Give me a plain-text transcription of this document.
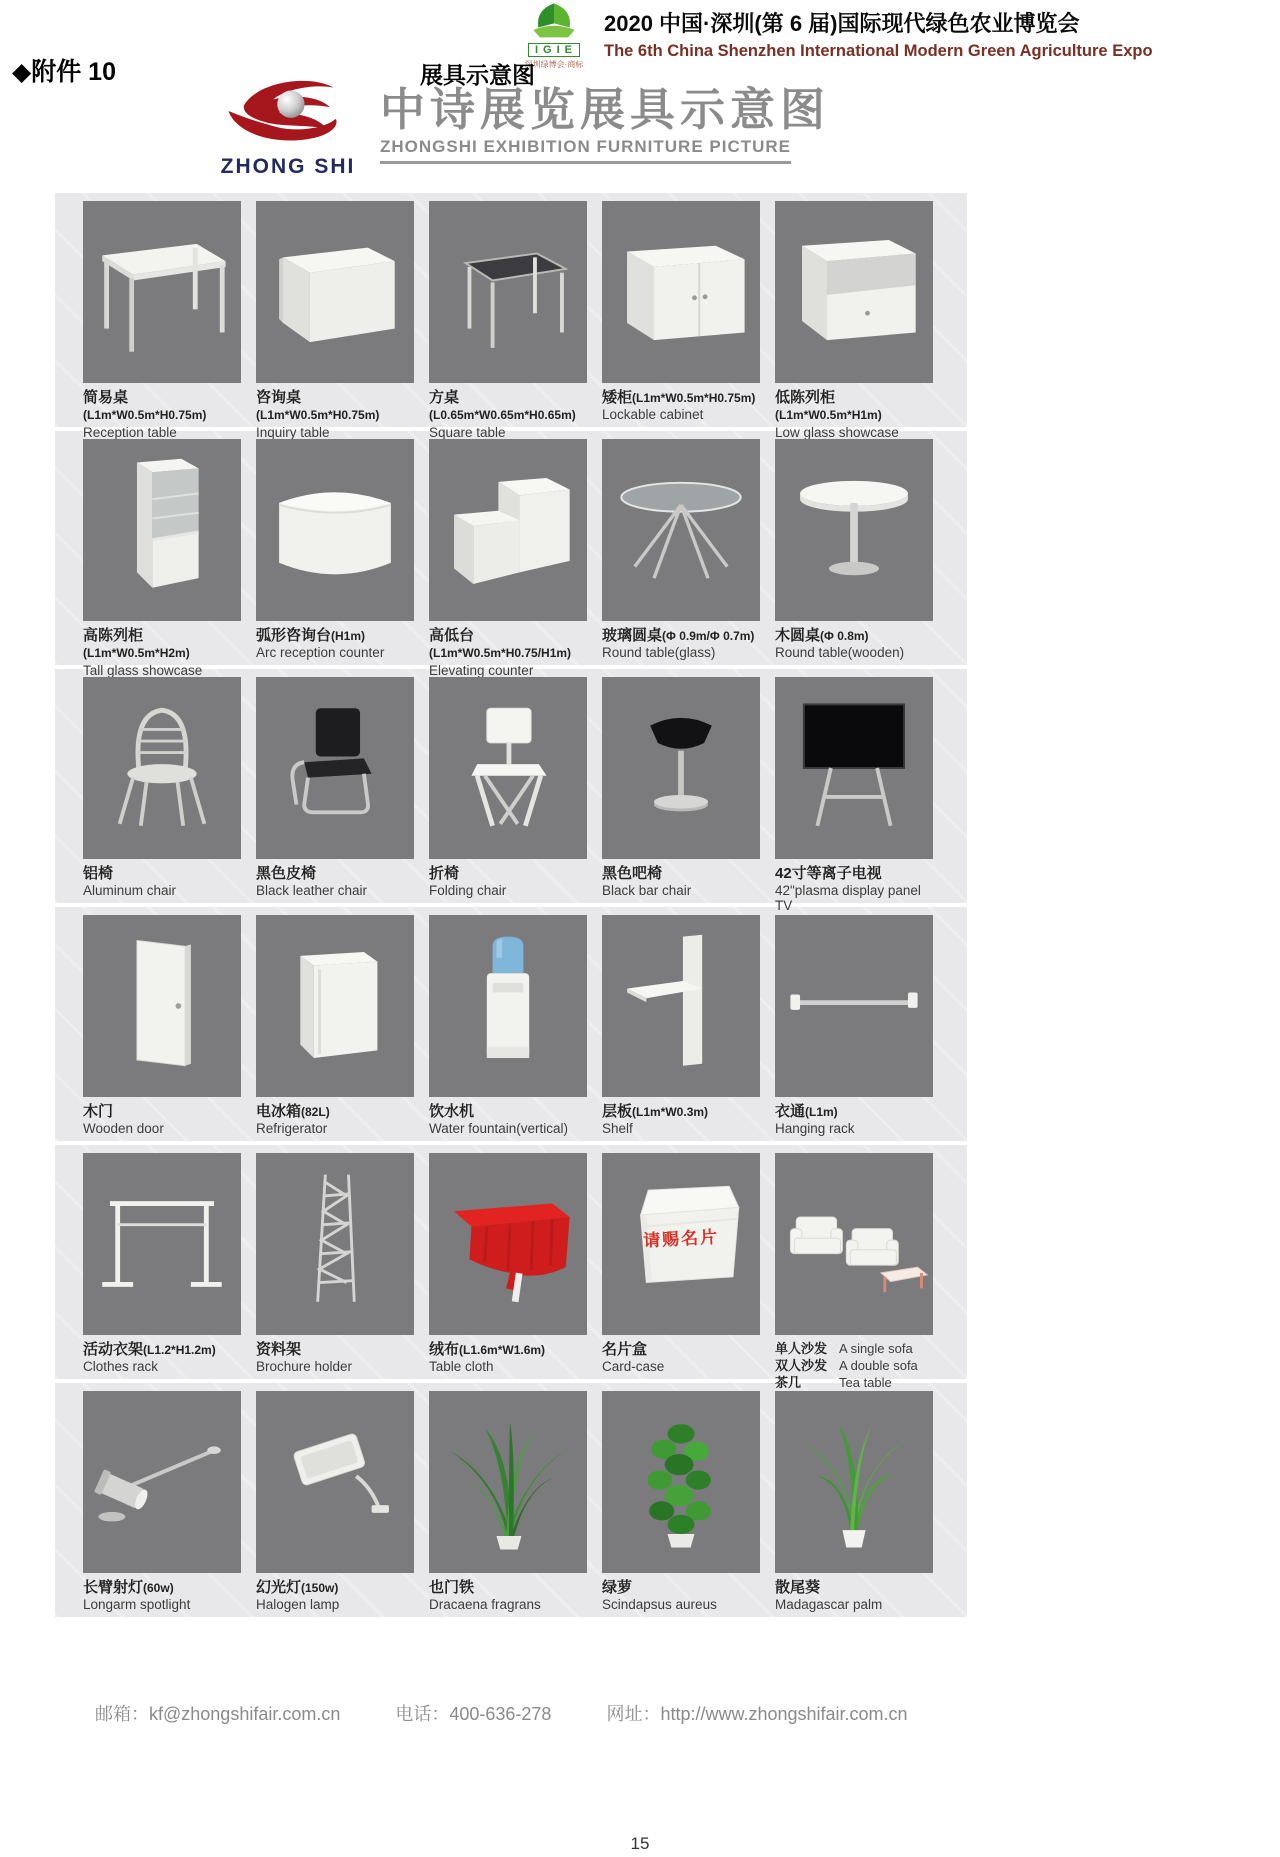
◆附件 10
IGIE
深圳绿博会·商标
2020 中国·深圳(第 6 届)国际现代绿色农业博览会
The 6th China Shenzhen International Modern Green Agriculture Expo
展具示意图
ZHONG SHI
中诗展览展具示意图
ZHONGSHI EXHIBITION FURNITURE PICTURE
简易桌(L1m*W0.5m*H0.75m)
Reception table
咨询桌(L1m*W0.5m*H0.75m)
Inquiry table
方桌(L0.65m*W0.65m*H0.65m)
Square table
矮柜(L1m*W0.5m*H0.75m)
Lockable cabinet
低陈列柜(L1m*W0.5m*H1m)
Low glass showcase
高陈列柜(L1m*W0.5m*H2m)
Tall glass showcase
弧形咨询台(H1m)
Arc reception counter
高低台(L1m*W0.5m*H0.75/H1m)
Elevating counter
玻璃圆桌(Φ 0.9m/Φ 0.7m)
Round table(glass)
木圆桌(Φ 0.8m)
Round table(wooden)
铝椅
Aluminum chair
黑色皮椅
Black leather chair
折椅
Folding chair
黑色吧椅
Black bar chair
42寸等离子电视
42"plasma display panel TV
木门
Wooden door
电冰箱(82L)
Refrigerator
饮水机
Water fountain(vertical)
层板(L1m*W0.3m)
Shelf
衣通(L1m)
Hanging rack
活动衣架(L1.2*H1.2m)
Clothes rack
资料架
Brochure holder
绒布(L1.6m*W1.6m)
Table cloth
请赐名片
名片盒
Card-case
单人沙发 A single sofa
双人沙发 A double sofa
茶几	Tea table
长臂射灯(60w)
Longarm spotlight
幻光灯(150w)
Halogen lamp
也门铁
Dracaena fragrans
绿萝
Scindapsus aureus
散尾葵
Madagascar palm
邮箱：kf@zhongshifair.com.cn	电话：400-636-278	网址：http://www.zhongshifair.com.cn
15
